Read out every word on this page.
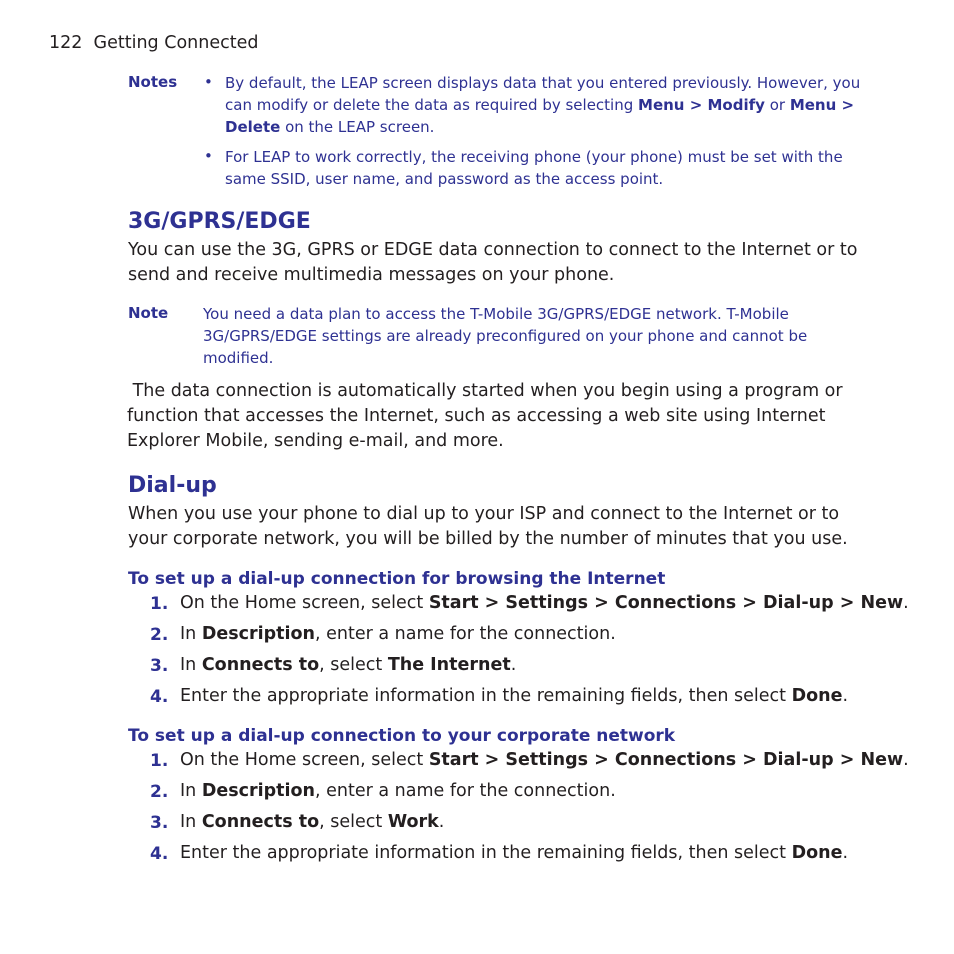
122 Getting Connected
Notes • By default, the LEAP screen displays data that you entered previously. However, you can modify or delete the data as required by selecting Menu > Modify or Menu > Delete on the LEAP screen.
• For LEAP to work correctly, the receiving phone (your phone) must be set with the same SSID, user name, and password as the access point.
3G/GPRS/EDGE
You can use the 3G, GPRS or EDGE data connection to connect to the Internet or to send and receive multimedia messages on your phone.
Note You need a data plan to access the T-Mobile 3G/GPRS/EDGE network. T-Mobile 3G/GPRS/EDGE settings are already preconfigured on your phone and cannot be modified.
The data connection is automatically started when you begin using a program or function that accesses the Internet, such as accessing a web site using Internet Explorer Mobile, sending e-mail, and more.
Dial-up
When you use your phone to dial up to your ISP and connect to the Internet or to your corporate network, you will be billed by the number of minutes that you use.
To set up a dial-up connection for browsing the Internet
1. On the Home screen, select Start > Settings > Connections > Dial-up > New.
2. In Description, enter a name for the connection.
3. In Connects to, select The Internet.
4. Enter the appropriate information in the remaining fields, then select Done.
To set up a dial-up connection to your corporate network
1. On the Home screen, select Start > Settings > Connections > Dial-up > New.
2. In Description, enter a name for the connection.
3. In Connects to, select Work.
4. Enter the appropriate information in the remaining fields, then select Done.
